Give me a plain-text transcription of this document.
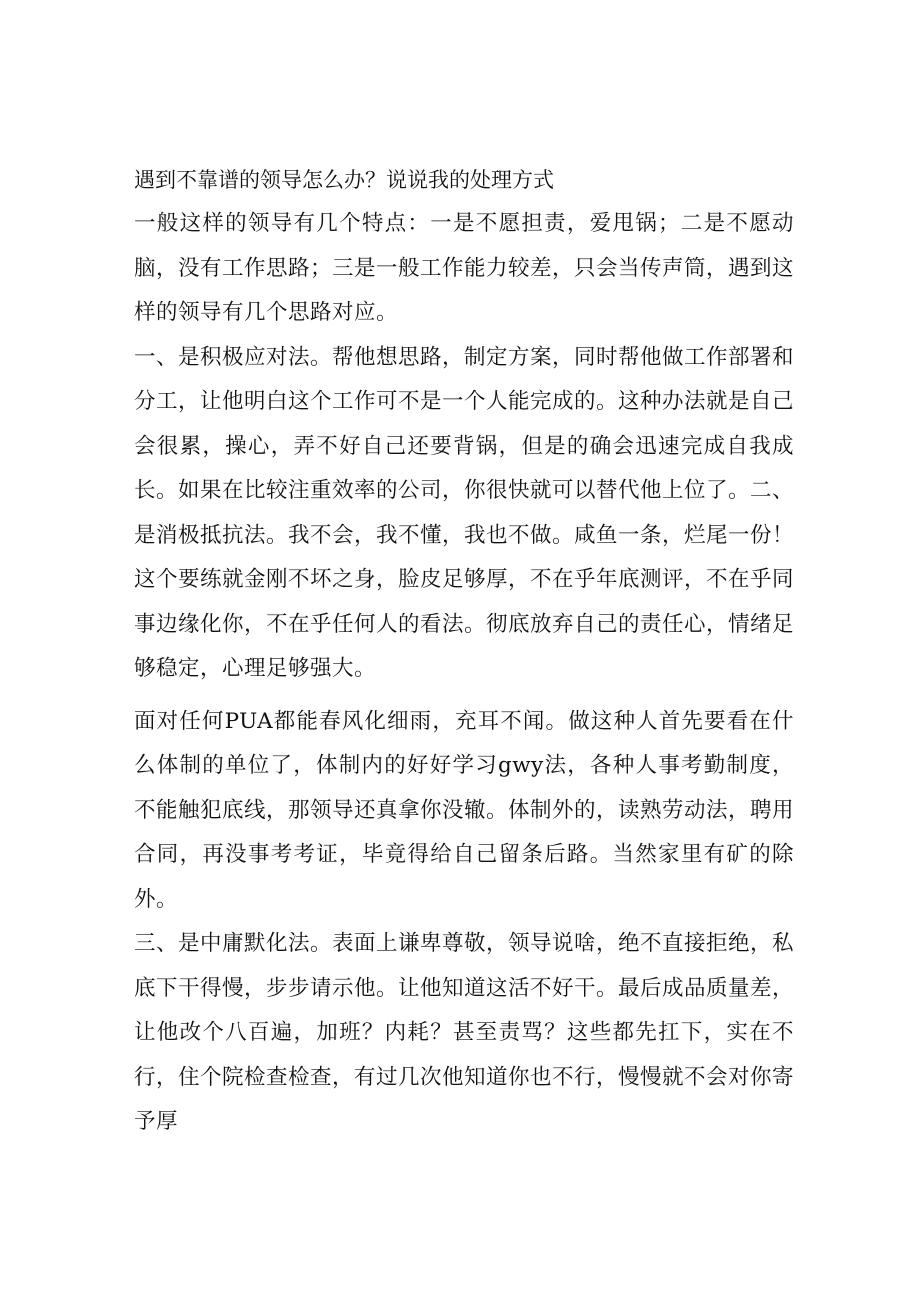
遇到不靠谱的领导怎么办？说说我的处理方式

一般这样的领导有几个特点：一是不愿担责，爱甩锅；二是不愿动脑，没有工作思路；三是一般工作能力较差，只会当传声筒，遇到这样的领导有几个思路对应。

一、是积极应对法。帮他想思路，制定方案，同时帮他做工作部署和分工，让他明白这个工作可不是一个人能完成的。这种办法就是自己会很累，操心，弄不好自己还要背锅，但是的确会迅速完成自我成长。如果在比较注重效率的公司，你很快就可以替代他上位了。二、是消极抵抗法。我不会，我不懂，我也不做。咸鱼一条，烂尾一份！这个要练就金刚不坏之身，脸皮足够厚，不在乎年底测评，不在乎同事边缘化你，不在乎任何人的看法。彻底放弃自己的责任心，情绪足够稳定，心理足够强大。

面对任何PUA都能春风化细雨，充耳不闻。做这种人首先要看在什么体制的单位了，体制内的好好学习gwy法，各种人事考勤制度，不能触犯底线，那领导还真拿你没辙。体制外的，读熟劳动法，聘用合同，再没事考考证，毕竟得给自己留条后路。当然家里有矿的除外。

三、是中庸默化法。表面上谦卑尊敬，领导说啥，绝不直接拒绝，私底下干得慢，步步请示他。让他知道这活不好干。最后成品质量差，让他改个八百遍，加班？内耗？甚至责骂？这些都先扛下，实在不行，住个院检查检查，有过几次他知道你也不行，慢慢就不会对你寄予厚
